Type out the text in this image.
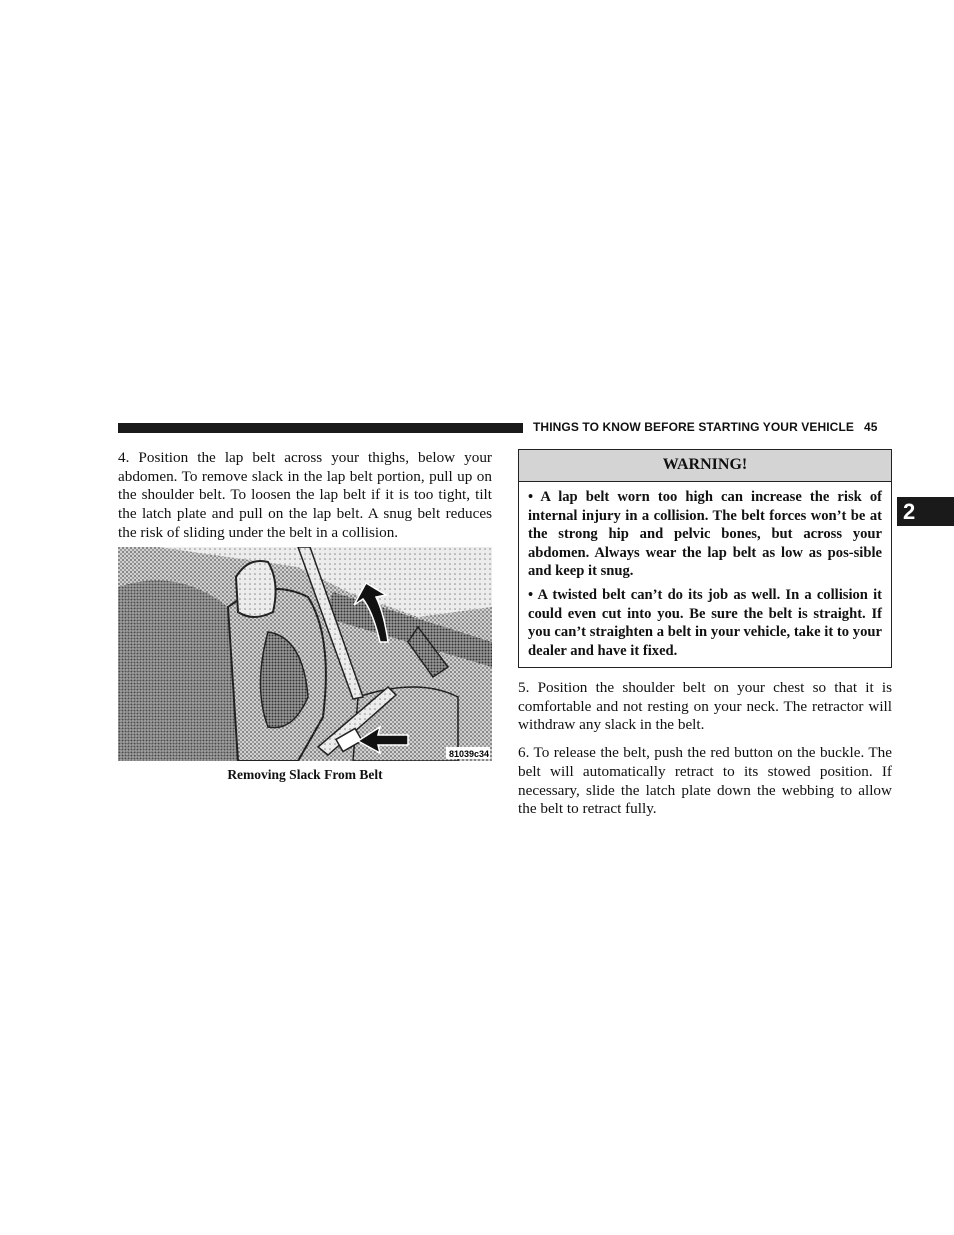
THINGS TO KNOW BEFORE STARTING YOUR VEHICLE 45
2

4. Position the lap belt across your thighs, below your abdomen. To remove slack in the lap belt portion, pull up on the shoulder belt. To loosen the lap belt if it is too tight, tilt the latch plate and pull on the lap belt. A snug belt reduces the risk of sliding under the belt in a collision.

81039c34
Removing Slack From Belt
WARNING!

• A lap belt worn too high can increase the risk of internal injury in a collision. The belt forces won’t be at the strong hip and pelvic bones, but across your abdomen. Always wear the lap belt as low as pos-sible and keep it snug.

• A twisted belt can’t do its job as well. In a collision it could even cut into you. Be sure the belt is straight. If you can’t straighten a belt in your vehicle, take it to your dealer and have it fixed.

5. Position the shoulder belt on your chest so that it is comfortable and not resting on your neck. The retractor will withdraw any slack in the belt.

6. To release the belt, push the red button on the buckle. The belt will automatically retract to its stowed position. If necessary, slide the latch plate down the webbing to allow the belt to retract fully.
